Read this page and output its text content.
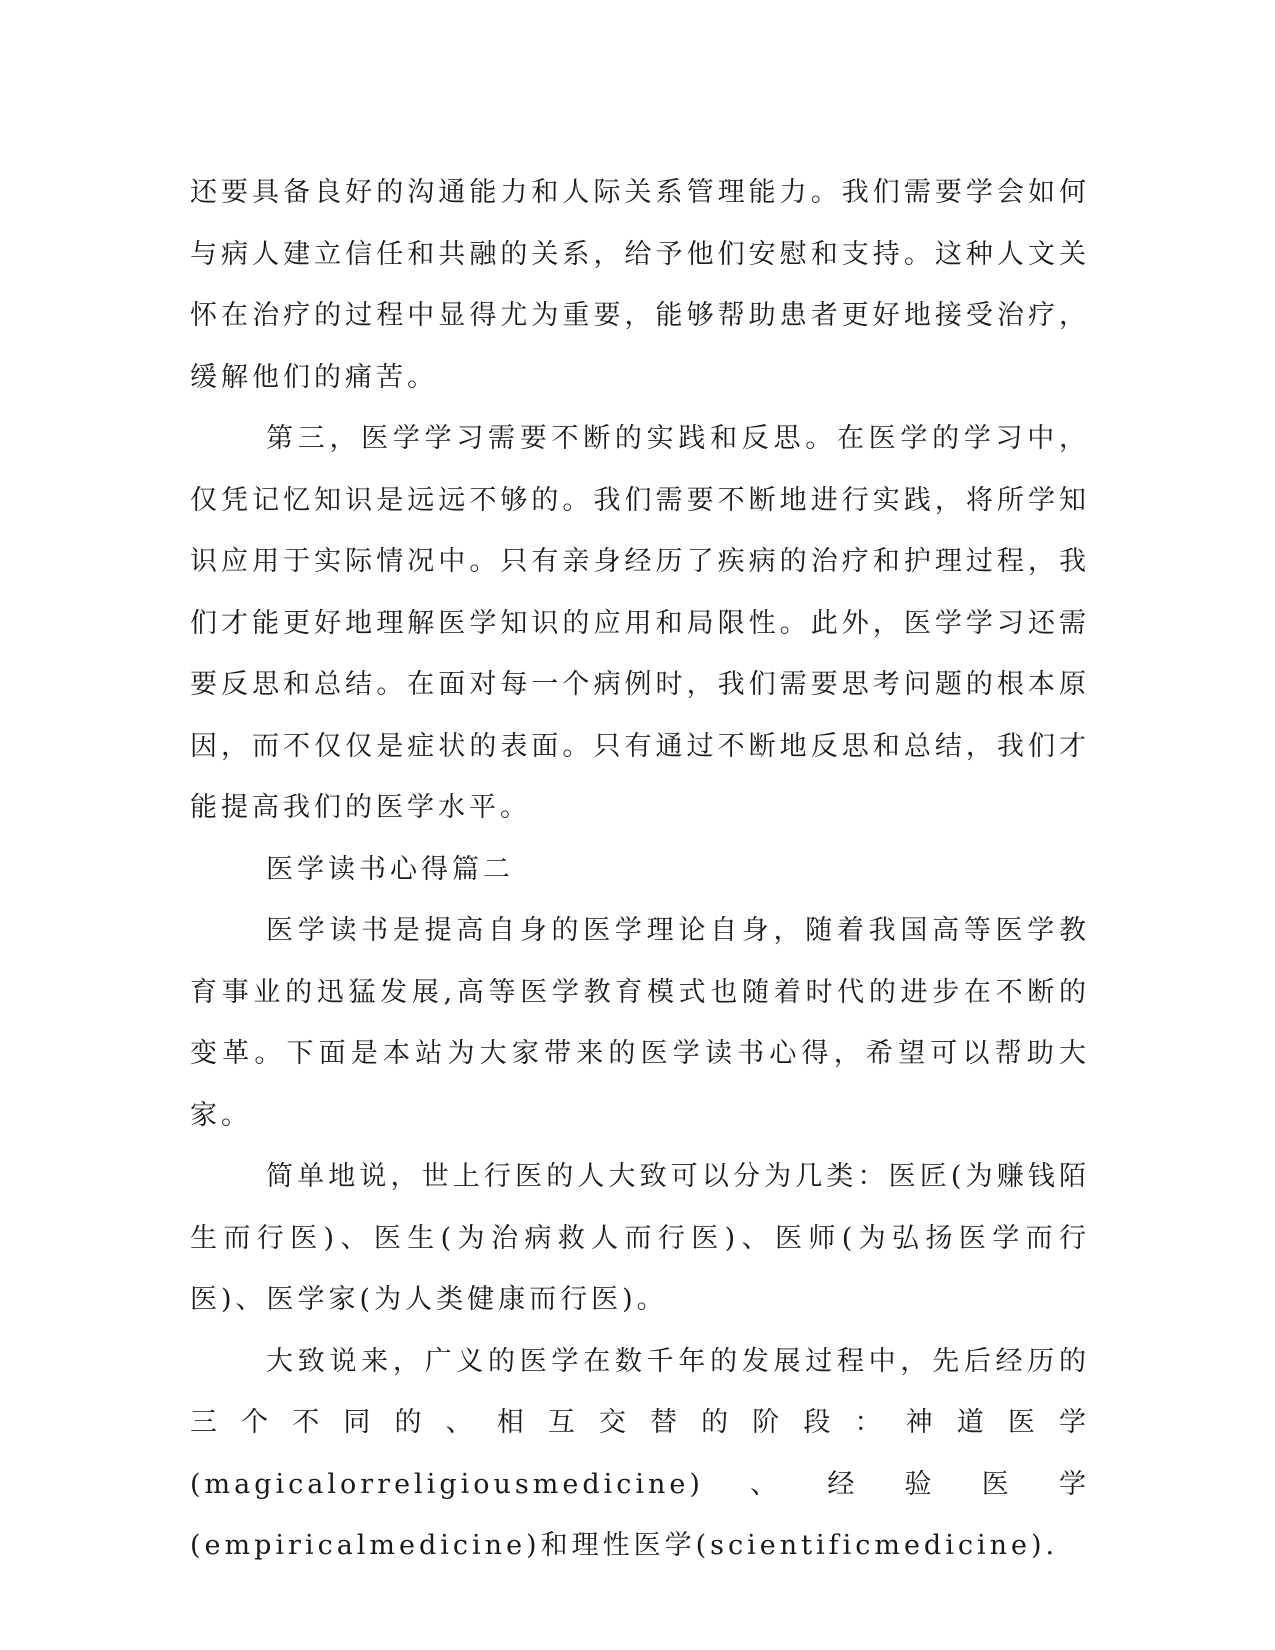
还要具备良好的沟通能力和人际关系管理能力。我们需要学会如何与病人建立信任和共融的关系，给予他们安慰和支持。这种人文关怀在治疗的过程中显得尤为重要，能够帮助患者更好地接受治疗，缓解他们的痛苦。

第三，医学学习需要不断的实践和反思。在医学的学习中，仅凭记忆知识是远远不够的。我们需要不断地进行实践，将所学知识应用于实际情况中。只有亲身经历了疾病的治疗和护理过程，我们才能更好地理解医学知识的应用和局限性。此外，医学学习还需要反思和总结。在面对每一个病例时，我们需要思考问题的根本原因，而不仅仅是症状的表面。只有通过不断地反思和总结，我们才能提高我们的医学水平。

医学读书心得篇二

医学读书是提高自身的医学理论自身，随着我国高等医学教育事业的迅猛发展,高等医学教育模式也随着时代的进步在不断的变革。下面是本站为大家带来的医学读书心得，希望可以帮助大家。

简单地说，世上行医的人大致可以分为几类：医匠(为赚钱陌生而行医)、医生(为治病救人而行医)、医师(为弘扬医学而行医)、医学家(为人类健康而行医)。

大致说来，广义的医学在数千年的发展过程中，先后经历的三个不同的、相互交替的阶段：神道医学(magicalorreligiousmedicine)、经验医学(empiricalmedicine)和理性医学(scientificmedicine).
